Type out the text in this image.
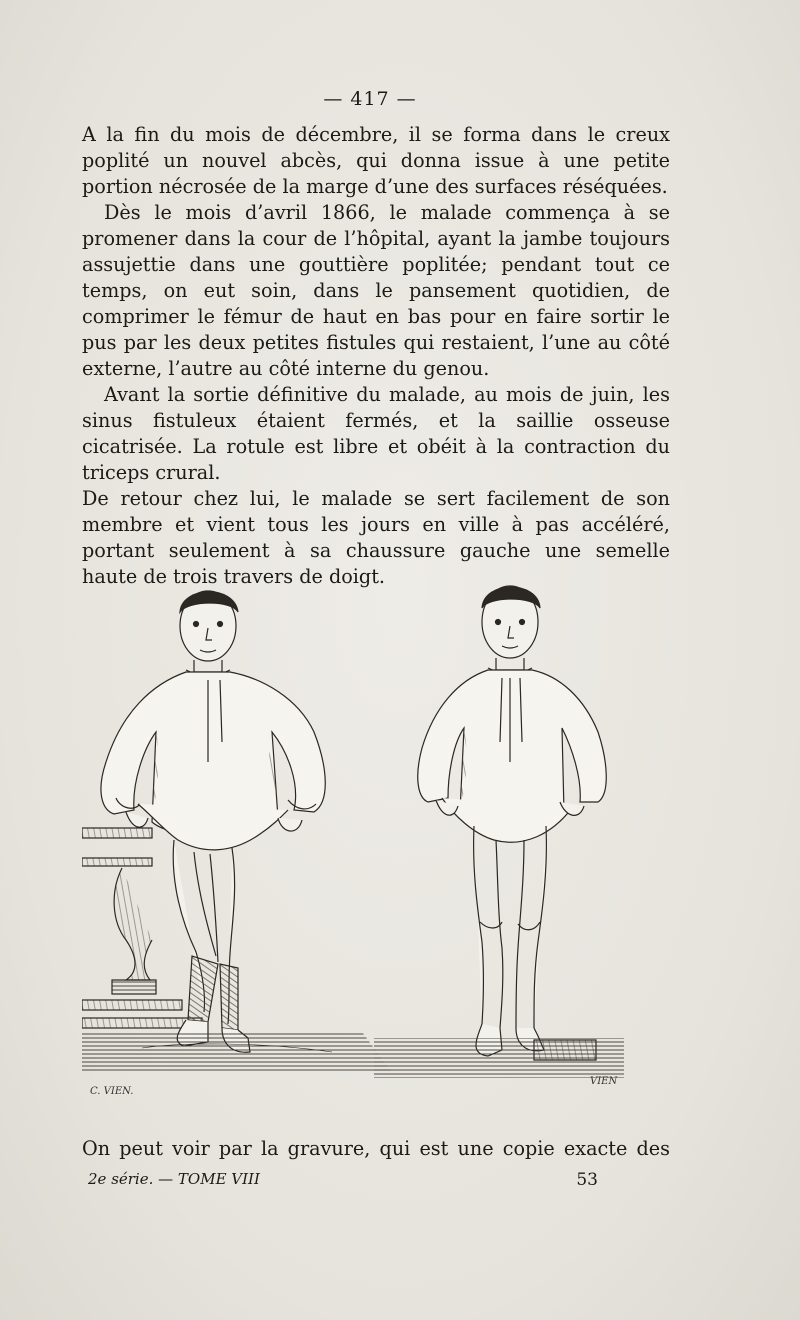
— 417 —

A la fin du mois de décembre, il se forma dans le creux poplité un nouvel abcès, qui donna issue à une petite portion nécrosée de la marge d’une des surfaces réséquées.

Dès le mois d’avril 1866, le malade commença à se promener dans la cour de l’hôpital, ayant la jambe toujours assujettie dans une gouttière poplitée; pendant tout ce temps, on eut soin, dans le pansement quotidien, de comprimer le fémur de haut en bas pour en faire sortir le pus par les deux petites fistules qui restaient, l’une au côté externe, l’autre au côté interne du genou.

Avant la sortie définitive du malade, au mois de juin, les sinus fistuleux étaient fermés, et la saillie osseuse cicatrisée. La rotule est libre et obéit à la contraction du triceps crural.

De retour chez lui, le malade se sert facilement de son membre et vient tous les jours en ville à pas accéléré, portant seulement à sa chaussure gauche une semelle haute de trois travers de doigt.

C. VIEN.
VIEN
On peut voir par la gravure, qui est une copie exacte des
2e série. — TOME VIII	53
